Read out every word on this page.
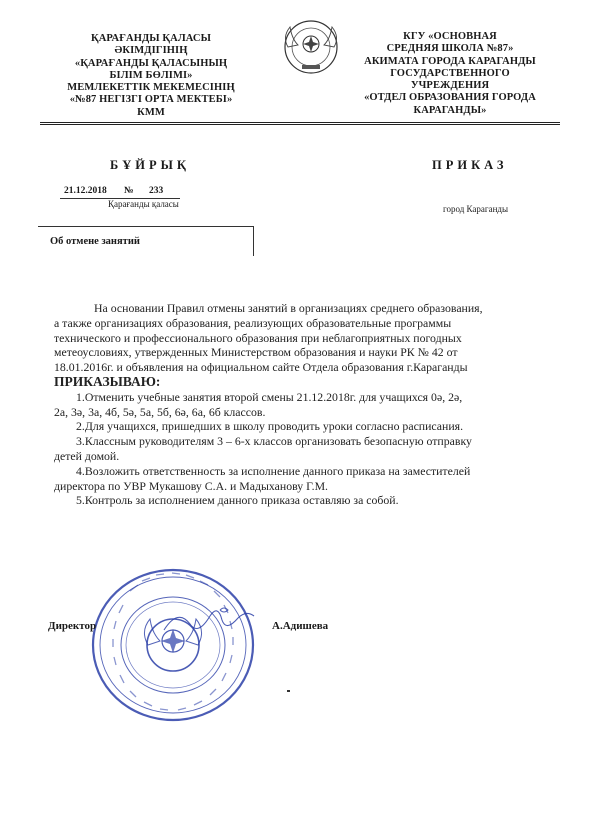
ҚАРАҒАНДЫ ҚАЛАСЫ
ӘКІМДІГІНІҢ
«ҚАРАҒАНДЫ ҚАЛАСЫНЫҢ
БІЛІМ БӨЛІМІ»
МЕМЛЕКЕТТІК МЕКЕМЕСІНІҢ
«№87 НЕГІЗГІ ОРТА МЕКТЕБІ»
КММ
КГУ «ОСНОВНАЯ
СРЕДНЯЯ ШКОЛА №87»
АКИМАТА ГОРОДА КАРАГАНДЫ
ГОСУДАРСТВЕННОГО
УЧРЕЖДЕНИЯ
«ОТДЕЛ ОБРАЗОВАНИЯ ГОРОДА
КАРАГАНДЫ»
БҰЙРЫҚ	ПРИКАЗ
21.12.2018 № 233
Қарағанды қаласы	город Караганды
Об отмене занятий
На основании Правил отмены занятий в организациях среднего образования,
а также организациях образования, реализующих образовательные программы
технического и профессионального образования при неблагоприятных погодных
метеоусловиях, утвержденных Министерством образования и науки РК № 42 от
18.01.2016г. и объявления на официальном сайте Отдела образования г.Караганды
ПРИКАЗЫВАЮ:
1.Отменить учебные занятия второй смены 21.12.2018г. для учащихся 0ә, 2ә,
2а, 3ә, 3а, 4б, 5ә, 5а, 5б, 6ә, 6а, 6б классов.
2.Для учащихся, пришедших в школу проводить уроки согласно расписания.
3.Классным руководителям 3 – 6-х классов организовать безопасную отправку
детей домой.
4.Возложить ответственность за исполнение данного приказа на заместителей
директора по УВР Мукашову С.А. и Мадыханову Г.М.
5.Контроль за исполнением данного приказа оставляю за собой.
Директор	А.Адишева
